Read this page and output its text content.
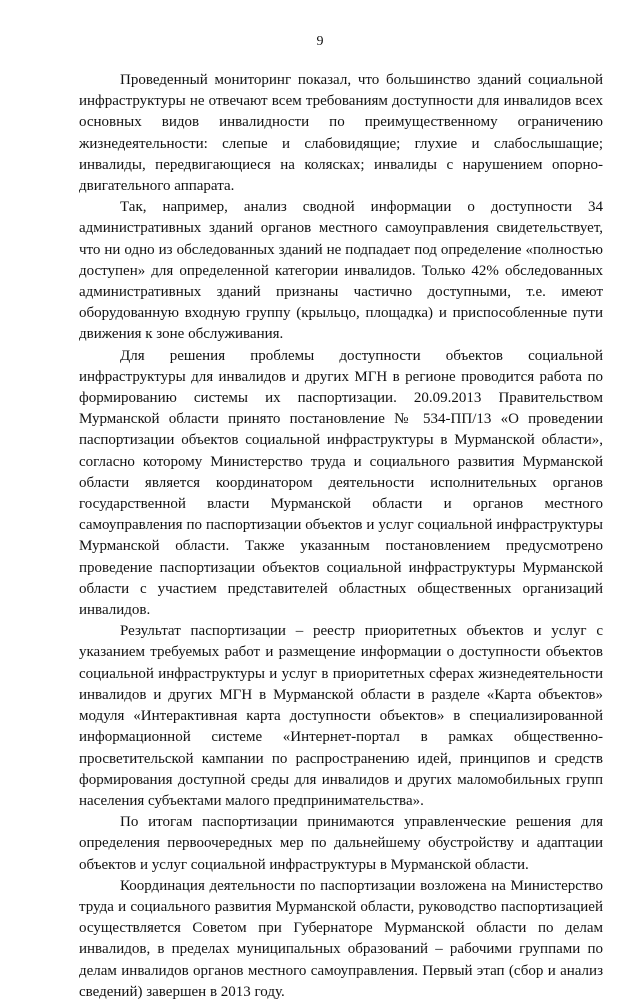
9

Проведенный мониторинг показал, что большинство зданий социальной инфраструктуры не отвечают всем требованиям доступности для инвалидов всех основных видов инвалидности по преимущественному ограничению жизнедеятельности: слепые и слабовидящие; глухие и слабослышащие; инвалиды, передвигающиеся на колясках; инвалиды с нарушением опорно-двигательного аппарата.

Так, например, анализ сводной информации о доступности 34 административных зданий органов местного самоуправления свидетельствует, что ни одно из обследованных зданий не подпадает под определение «полностью доступен» для определенной категории инвалидов. Только 42% обследованных административных зданий признаны частично доступными, т.е. имеют оборудованную входную группу (крыльцо, площадка) и приспособленные пути движения к зоне обслуживания.

Для решения проблемы доступности объектов социальной инфраструктуры для инвалидов и других МГН в регионе проводится работа по формированию системы их паспортизации. 20.09.2013 Правительством Мурманской области принято постановление № 534-ПП/13 «О проведении паспортизации объектов социальной инфраструктуры в Мурманской области», согласно которому Министерство труда и социального развития Мурманской области является координатором деятельности исполнительных органов государственной власти Мурманской области и органов местного самоуправления по паспортизации объектов и услуг социальной инфраструктуры Мурманской области. Также указанным постановлением предусмотрено проведение паспортизации объектов социальной инфраструктуры Мурманской области с участием представителей областных общественных организаций инвалидов.

Результат паспортизации – реестр приоритетных объектов и услуг с указанием требуемых работ и размещение информации о доступности объектов социальной инфраструктуры и услуг в приоритетных сферах жизнедеятельности инвалидов и других МГН в Мурманской области в разделе «Карта объектов» модуля «Интерактивная карта доступности объектов» в специализированной информационной системе «Интернет-портал в рамках общественно-просветительской кампании по распространению идей, принципов и средств формирования доступной среды для инвалидов и других маломобильных групп населения субъектами малого предпринимательства».

По итогам паспортизации принимаются управленческие решения для определения первоочередных мер по дальнейшему обустройству и адаптации объектов и услуг социальной инфраструктуры в Мурманской области.

Координация деятельности по паспортизации возложена на Министерство труда и социального развития Мурманской области, руководство паспортизацией осуществляется Советом при Губернаторе Мурманской области по делам инвалидов, в пределах муниципальных образований – рабочими группами по делам инвалидов органов местного самоуправления. Первый этап (сбор и анализ сведений) завершен в 2013 году.
